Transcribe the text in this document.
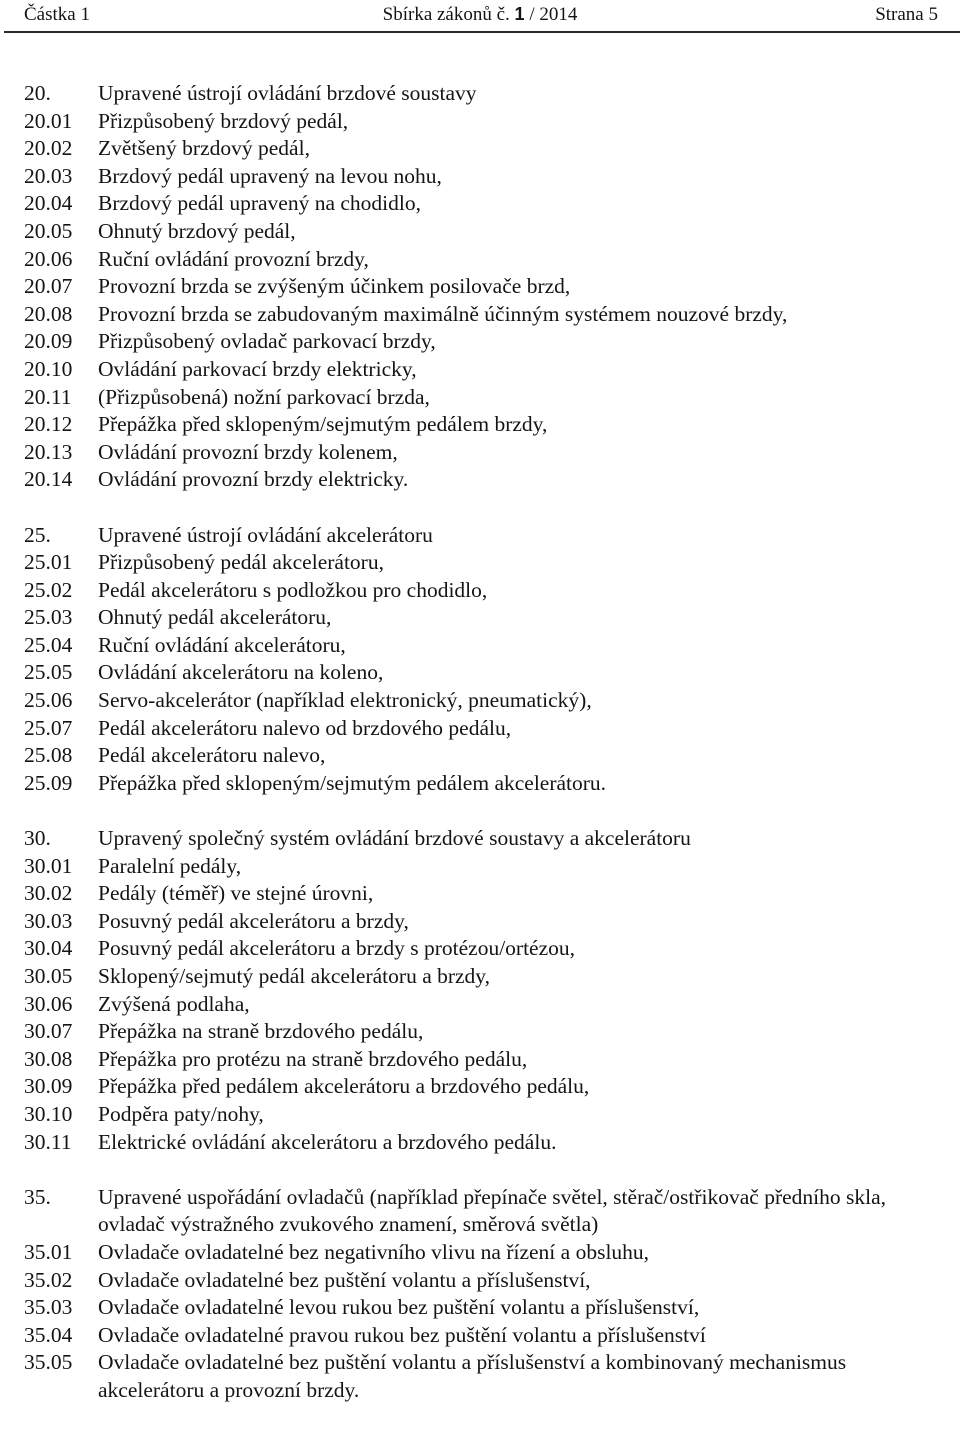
Částka 1	Sbírka zákonů č. 1 / 2014	Strana 5
20.	Upravené ústrojí ovládání brzdové soustavy
20.01	Přizpůsobený brzdový pedál,
20.02	Zvětšený brzdový pedál,
20.03	Brzdový pedál upravený na levou nohu,
20.04	Brzdový pedál upravený na chodidlo,
20.05	Ohnutý brzdový pedál,
20.06	Ruční ovládání provozní brzdy,
20.07	Provozní brzda se zvýšeným účinkem posilovače brzd,
20.08	Provozní brzda se zabudovaným maximálně účinným systémem nouzové brzdy,
20.09	Přizpůsobený ovladač parkovací brzdy,
20.10	Ovládání parkovací brzdy elektricky,
20.11	(Přizpůsobená) nožní parkovací brzda,
20.12	Přepážka před sklopeným/sejmutým pedálem brzdy,
20.13	Ovládání provozní brzdy kolenem,
20.14	Ovládání provozní brzdy elektricky.
25.	Upravené ústrojí ovládání akcelerátoru
25.01	Přizpůsobený pedál akcelerátoru,
25.02	Pedál akcelerátoru s podložkou pro chodidlo,
25.03	Ohnutý pedál akcelerátoru,
25.04	Ruční ovládání akcelerátoru,
25.05	Ovládání akcelerátoru na koleno,
25.06	Servo-akcelerátor (například elektronický, pneumatický),
25.07	Pedál akcelerátoru nalevo od brzdového pedálu,
25.08	Pedál akcelerátoru nalevo,
25.09	Přepážka před sklopeným/sejmutým pedálem akcelerátoru.
30.	Upravený společný systém ovládání brzdové soustavy a akcelerátoru
30.01	Paralelní pedály,
30.02	Pedály (téměř) ve stejné úrovni,
30.03	Posuvný pedál akcelerátoru a brzdy,
30.04	Posuvný pedál akcelerátoru a brzdy s protézou/ortézou,
30.05	Sklopený/sejmutý pedál akcelerátoru a brzdy,
30.06	Zvýšená podlaha,
30.07	Přepážka na straně brzdového pedálu,
30.08	Přepážka pro protézu na straně brzdového pedálu,
30.09	Přepážka před pedálem akcelerátoru a brzdového pedálu,
30.10	Podpěra paty/nohy,
30.11	Elektrické ovládání akcelerátoru a brzdového pedálu.
35.	Upravené uspořádání ovladačů (například přepínače světel, stěrač/ostřikovač předního skla, ovladač výstražného zvukového znamení, směrová světla)
35.01	Ovladače ovladatelné bez negativního vlivu na řízení a obsluhu,
35.02	Ovladače ovladatelné bez puštění volantu a příslušenství,
35.03	Ovladače ovladatelné levou rukou bez puštění volantu a příslušenství,
35.04	Ovladače ovladatelné pravou rukou bez puštění volantu a příslušenství
35.05	Ovladače ovladatelné bez puštění volantu a příslušenství a kombinovaný mechanismus akcelerátoru a provozní brzdy.
